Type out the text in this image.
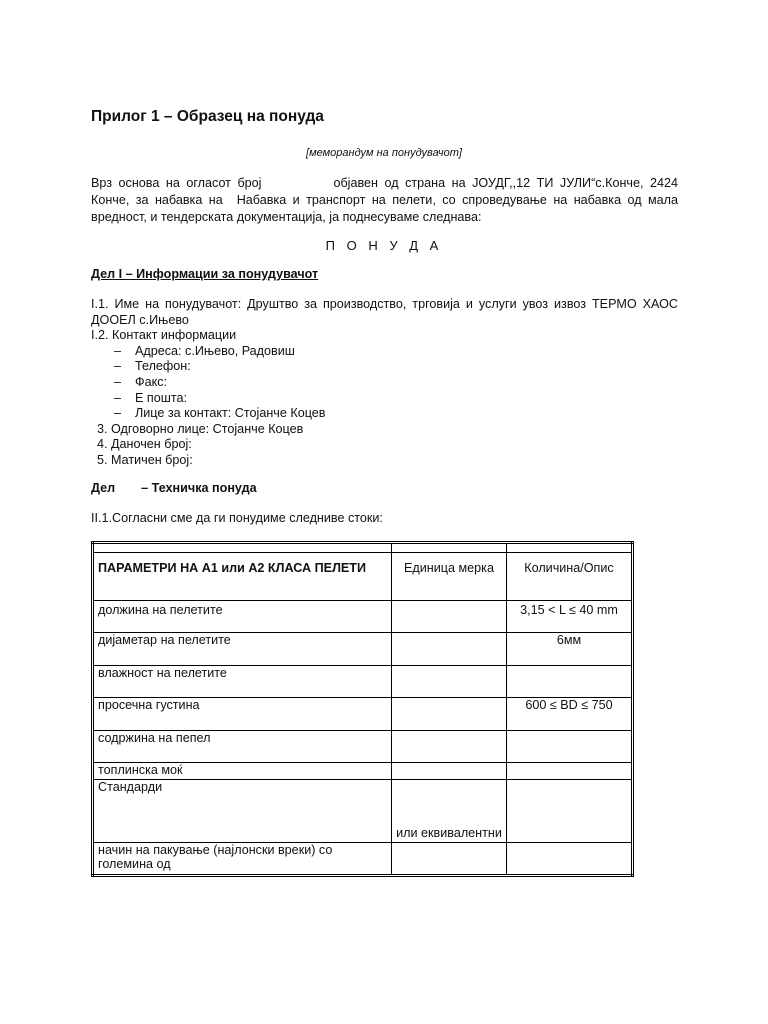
Прилог 1 – Образец на понуда
[меморандум на понудувачот]
Врз основа на огласот број	објавен од страна на ЈОУДГ,,12 ТИ ЈУЛИ“с.Конче, 2424 Конче, за набавка на Набавка и транспорт на пелети, со спроведување на набавка од мала вредност, и тендерската документација, ја поднесуваме следнава:
П О Н У Д А
Дел I – Информации за понудувачот
I.1. Име на понудувачот: Друштво за производство, трговија и услуги увоз извоз ТЕРМО ХАОС ДООЕЛ с.Ињево
I.2. Контакт информации
– Адреса: с.Ињево, Радовиш
– Телефон:
– Факс:
– Е пошта:
– Лице за контакт: Стојанче Коцев
3. Одговорно лице: Стојанче Коцев
4. Даночен број:
5. Матичен број:
Дел – Техничка понуда
II.1.Согласни сме да ги понудиме следниве стоки:

ПАРАМЕТРИ НА А1 или А2 КЛАСА ПЕЛЕТИ	Единица мерка	Количина/Опис
должина на пелетите		3,15 < L ≤ 40 mm
дијаметар на пелетите		6мм
влажност на пелетите		
просечна густина		600 ≤ BD ≤ 750
содржина на пепел		
топлинска моќ		
Стандарди	или еквивалентни	
начин на пакување (најлонски вреки) со големина од		
